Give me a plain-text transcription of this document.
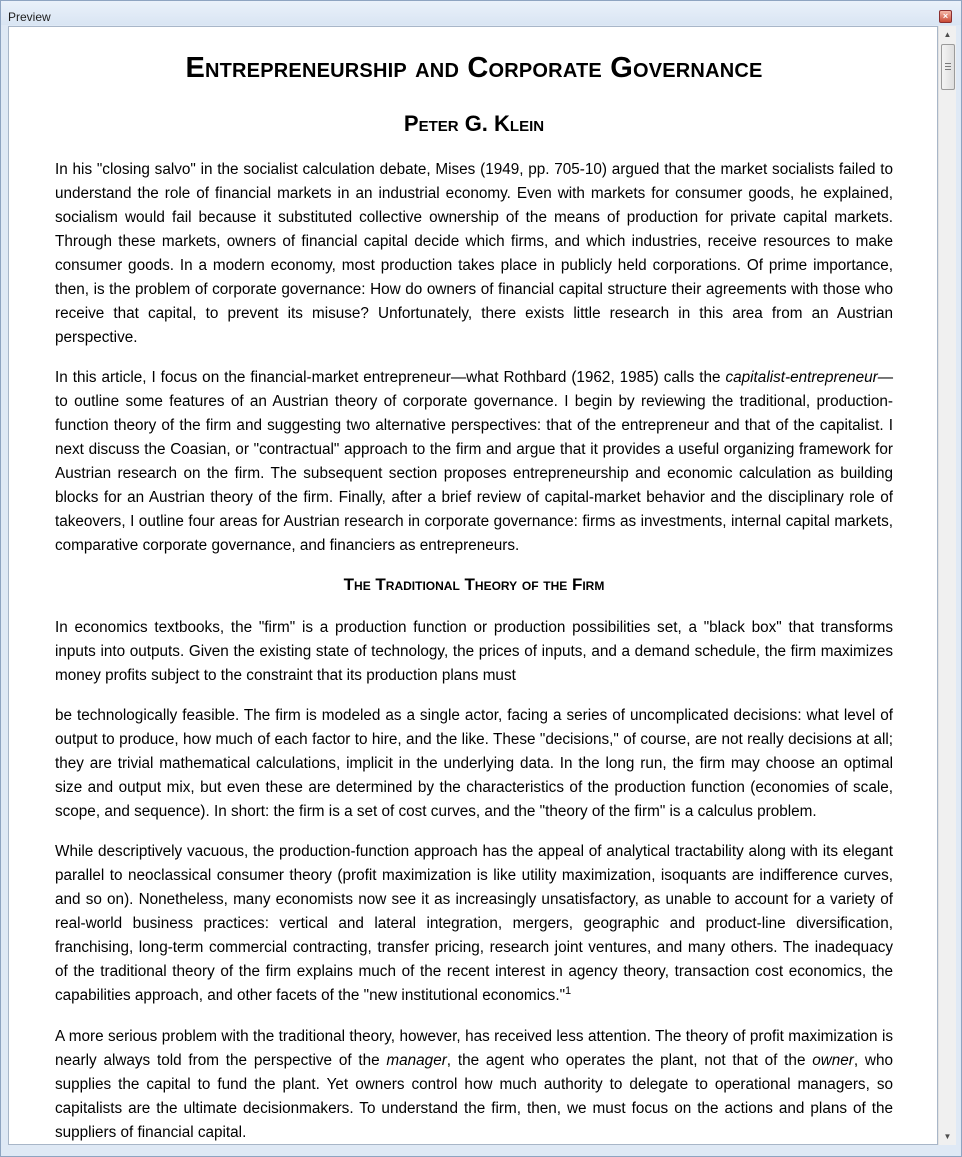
Preview	×
Entrepreneurship and Corporate Governance
Peter G. Klein

In his "closing salvo" in the socialist calculation debate, Mises (1949, pp. 705-10) argued that the market socialists failed to understand the role of financial markets in an industrial economy. Even with markets for consumer goods, he explained, socialism would fail because it substituted collective ownership of the means of production for private capital markets. Through these markets, owners of financial capital decide which firms, and which industries, receive resources to make consumer goods. In a modern economy, most production takes place in publicly held corporations. Of prime importance, then, is the problem of corporate governance: How do owners of financial capital structure their agreements with those who receive that capital, to prevent its misuse? Unfortunately, there exists little research in this area from an Austrian perspective.

In this article, I focus on the financial-market entrepreneur—what Rothbard (1962, 1985) calls the capitalist-entrepreneur—to outline some features of an Austrian theory of corporate governance. I begin by reviewing the traditional, production-function theory of the firm and suggesting two alternative perspectives: that of the entrepreneur and that of the capitalist. I next discuss the Coasian, or "contractual" approach to the firm and argue that it provides a useful organizing framework for Austrian research on the firm. The subsequent section proposes entrepreneurship and economic calculation as building blocks for an Austrian theory of the firm. Finally, after a brief review of capital-market behavior and the disciplinary role of takeovers, I outline four areas for Austrian research in corporate governance: firms as investments, internal capital markets, comparative corporate governance, and financiers as entrepreneurs.

The Traditional Theory of the Firm

In economics textbooks, the "firm" is a production function or production possibilities set, a "black box" that transforms inputs into outputs. Given the existing state of technology, the prices of inputs, and a demand schedule, the firm maximizes money profits subject to the constraint that its production plans must

be technologically feasible. The firm is modeled as a single actor, facing a series of uncomplicated decisions: what level of output to produce, how much of each factor to hire, and the like. These "decisions," of course, are not really decisions at all; they are trivial mathematical calculations, implicit in the underlying data. In the long run, the firm may choose an optimal size and output mix, but even these are determined by the characteristics of the production function (economies of scale, scope, and sequence). In short: the firm is a set of cost curves, and the "theory of the firm" is a calculus problem.

While descriptively vacuous, the production-function approach has the appeal of analytical tractability along with its elegant parallel to neoclassical consumer theory (profit maximization is like utility maximization, isoquants are indifference curves, and so on). Nonetheless, many economists now see it as increasingly unsatisfactory, as unable to account for a variety of real-world business practices: vertical and lateral integration, mergers, geographic and product-line diversification, franchising, long-term commercial contracting, transfer pricing, research joint ventures, and many others. The inadequacy of the traditional theory of the firm explains much of the recent interest in agency theory, transaction cost economics, the capabilities approach, and other facets of the "new institutional economics."$^1$

A more serious problem with the traditional theory, however, has received less attention. The theory of profit maximization is nearly always told from the perspective of the manager, the agent who operates the plant, not that of the owner, who supplies the capital to fund the plant. Yet owners control how much authority to delegate to operational managers, so capitalists are the ultimate decisionmakers. To understand the firm, then, we must focus on the actions and plans of the suppliers of financial capital.

▲
▼
